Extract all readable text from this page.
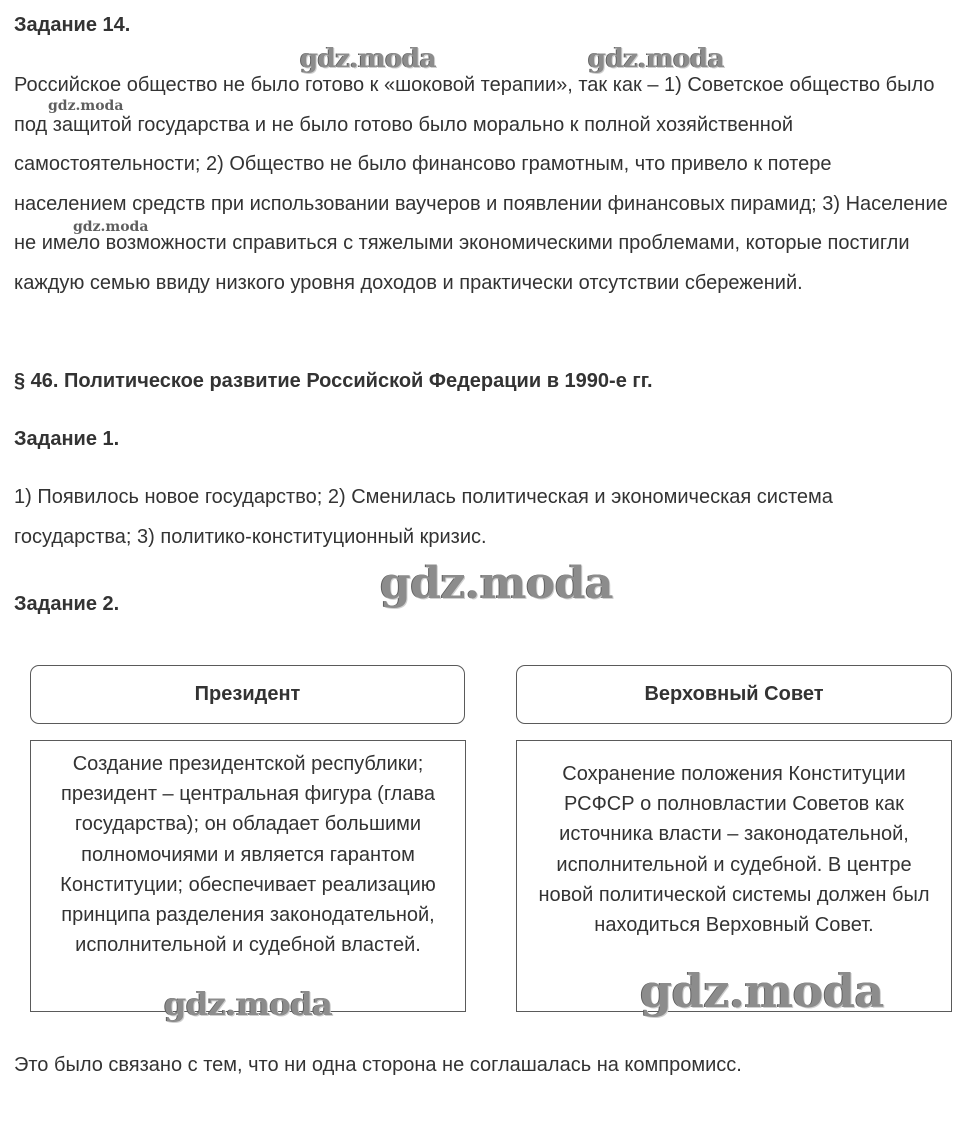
Задание 14.
Российское общество не было готово к «шоковой терапии», так как – 1) Советское общество было под защитой государства и не было готово было морально к полной хозяйственной самостоятельности; 2) Общество не было финансово грамотным, что привело к потере населением средств при использовании ваучеров и появлении финансовых пирамид; 3) Население не имело возможности справиться с тяжелыми экономическими проблемами, которые постигли каждую семью ввиду низкого уровня доходов и практически отсутствии сбережений.
§ 46. Политическое развитие Российской Федерации в 1990-е гг.
Задание 1.
1) Появилось новое государство; 2) Сменилась политическая и экономическая система государства; 3) политико-конституционный кризис.
Задание 2.
Президент	Верховный Совет
Создание президентской республики; президент – центральная фигура (глава государства); он обладает большими полномочиями и является гарантом Конституции; обеспечивает реализацию принципа разделения законодательной, исполнительной и судебной властей.
Сохранение положения Конституции РСФСР о полновластии Советов как источника власти – законодательной, исполнительной и судебной. В центре новой политической системы должен был находиться Верховный Совет.
Это было связано с тем, что ни одна сторона не соглашалась на компромисс.
gdz.moda	gdz.moda
gdz.moda
gdz.moda
gdz.moda
gdz.moda	gdz.moda
